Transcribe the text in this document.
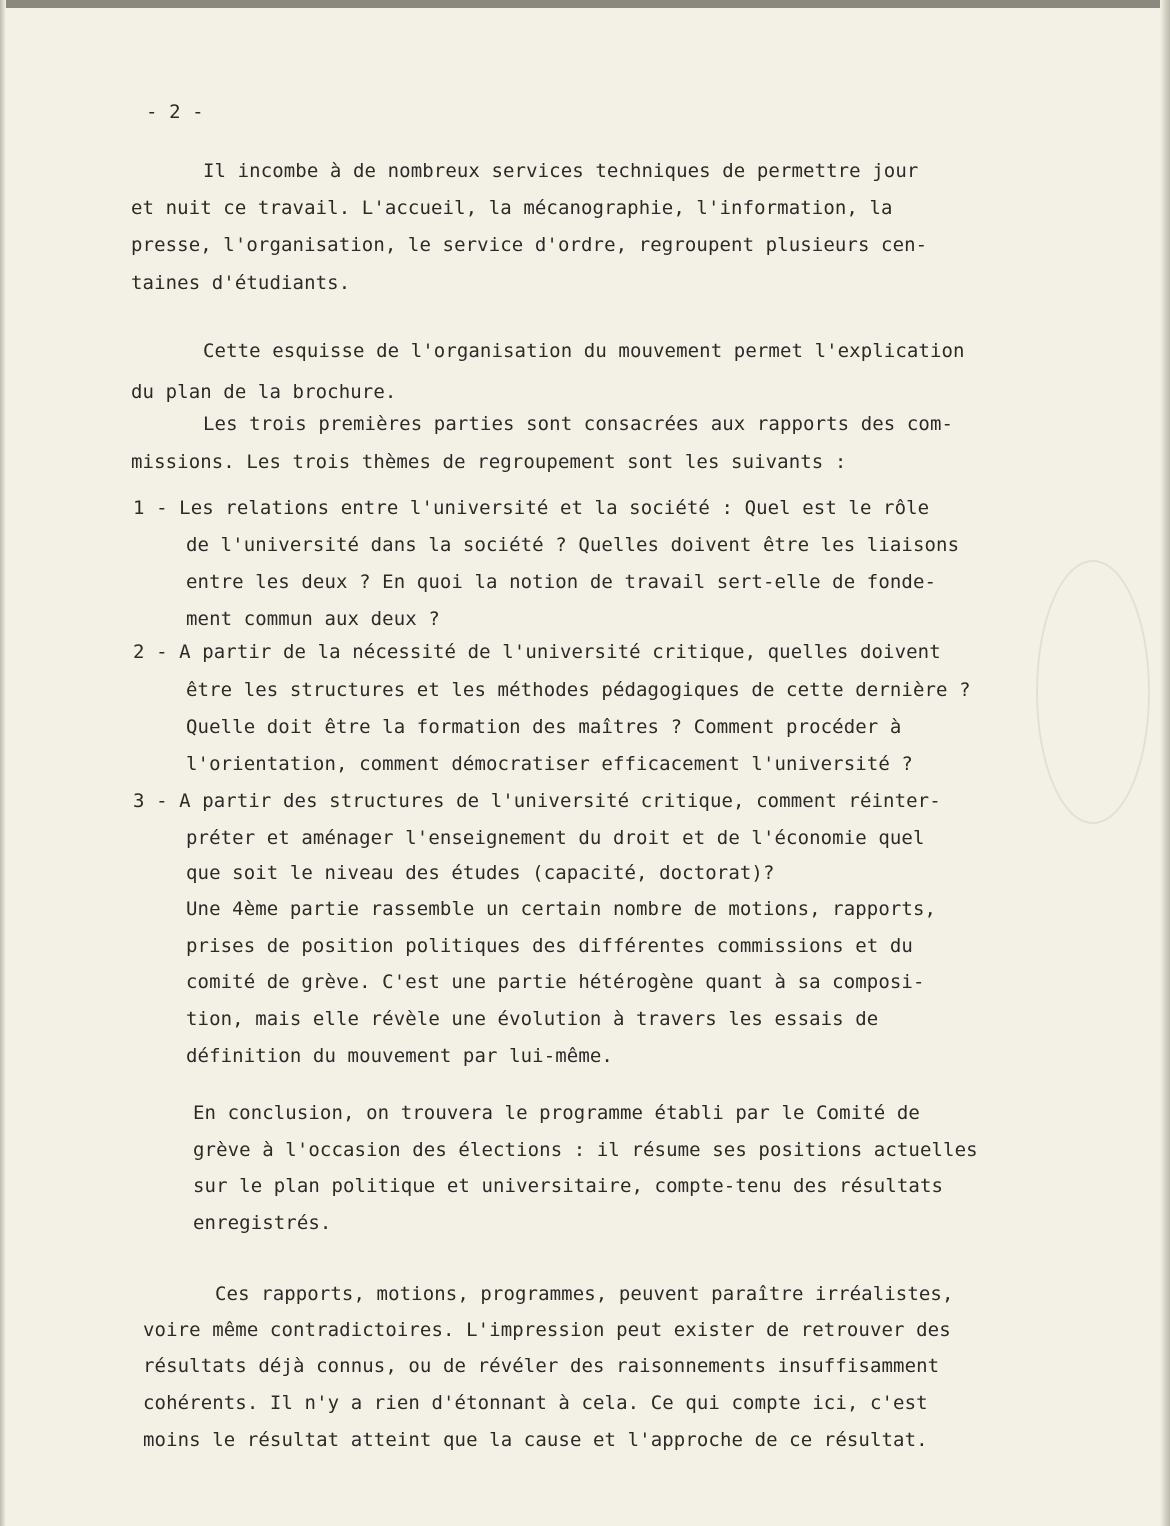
- 2 -
Il incombe à de nombreux services techniques de permettre jour
et nuit ce travail. L'accueil, la mécanographie, l'information, la
presse, l'organisation, le service d'ordre, regroupent plusieurs cen-
taines d'étudiants.
Cette esquisse de l'organisation du mouvement permet l'explication
du plan de la brochure.
Les trois premières parties sont consacrées aux rapports des com-
missions. Les trois thèmes de regroupement sont les suivants :
1 - Les relations entre l'université et la société : Quel est le rôle
de l'université dans la société ? Quelles doivent être les liaisons
entre les deux ? En quoi la notion de travail sert-elle de fonde-
ment commun aux deux ?
2 - A partir de la nécessité de l'université critique, quelles doivent
être les structures et les méthodes pédagogiques de cette dernière ?
Quelle doit être la formation des maîtres ? Comment procéder à
l'orientation, comment démocratiser efficacement l'université ?
3 - A partir des structures de l'université critique, comment réinter-
préter et aménager l'enseignement du droit et de l'économie quel
que soit le niveau des études (capacité, doctorat)?
Une 4ème partie rassemble un certain nombre de motions, rapports,
prises de position politiques des différentes commissions et du
comité de grève. C'est une partie hétérogène quant à sa composi-
tion, mais elle révèle une évolution à travers les essais de
définition du mouvement par lui-même.
En conclusion, on trouvera le programme établi par le Comité de
grève à l'occasion des élections : il résume ses positions actuelles
sur le plan politique et universitaire, compte-tenu des résultats
enregistrés.
Ces rapports, motions, programmes, peuvent paraître irréalistes,
voire même contradictoires. L'impression peut exister de retrouver des
résultats déjà connus, ou de révéler des raisonnements insuffisamment
cohérents. Il n'y a rien d'étonnant à cela. Ce qui compte ici, c'est
moins le résultat atteint que la cause et l'approche de ce résultat.
